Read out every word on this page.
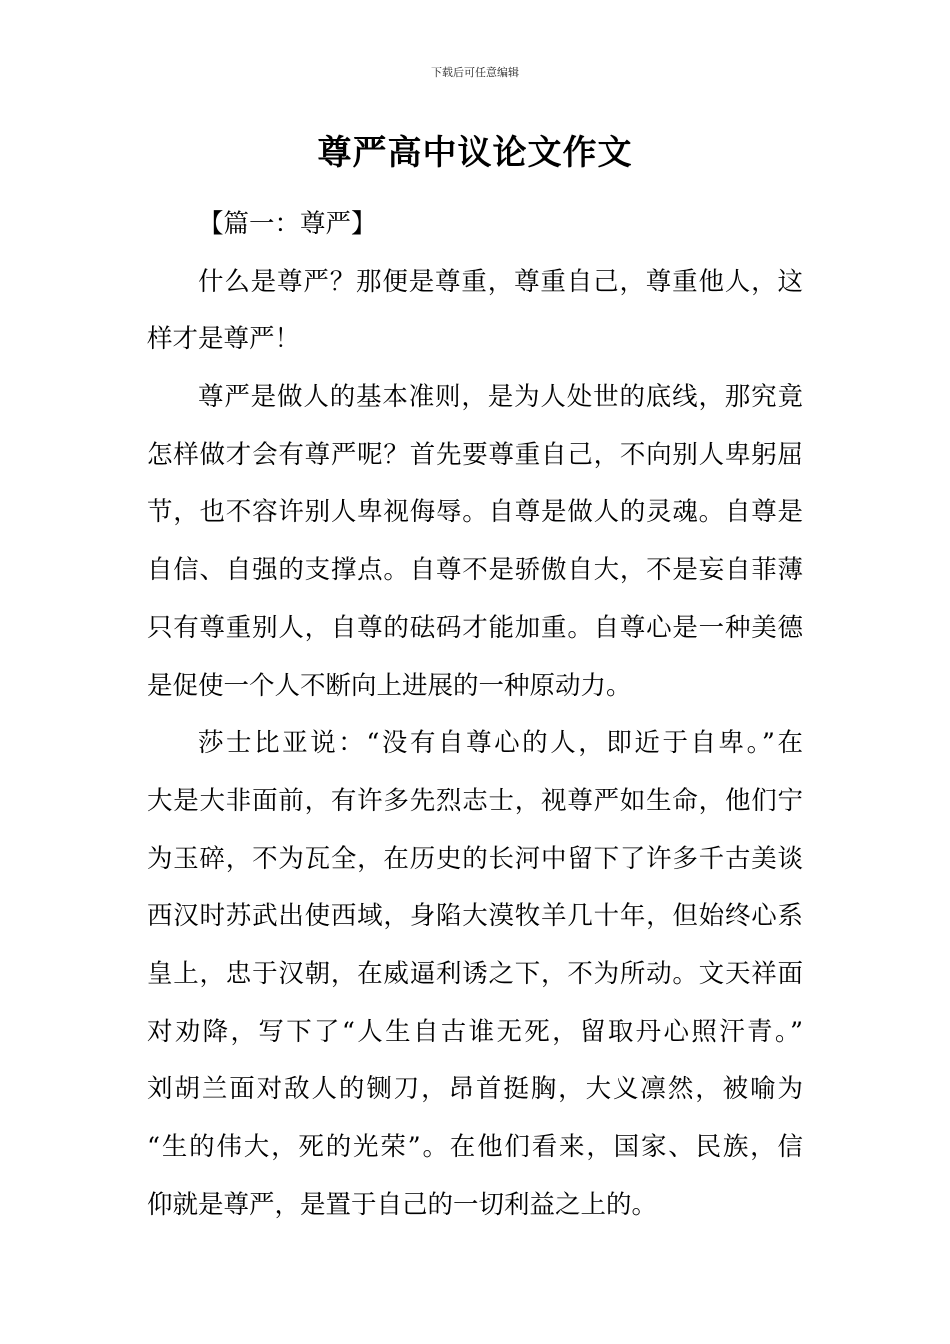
下载后可任意编辑
尊严高中议论文作文
【篇一：尊严】
什么是尊严？那便是尊重，尊重自己，尊重他人，这
样才是尊严！
尊严是做人的基本准则，是为人处世的底线，那究竟
怎样做才会有尊严呢？首先要尊重自己，不向别人卑躬屈
节，也不容许别人卑视侮辱。自尊是做人的灵魂。自尊是
自信、自强的支撑点。自尊不是骄傲自大，不是妄自菲薄
只有尊重别人，自尊的砝码才能加重。自尊心是一种美德
是促使一个人不断向上进展的一种原动力。
莎士比亚说：“没有自尊心的人，即近于自卑。”在
大是大非面前，有许多先烈志士，视尊严如生命，他们宁
为玉碎，不为瓦全，在历史的长河中留下了许多千古美谈
西汉时苏武出使西域，身陷大漠牧羊几十年，但始终心系
皇上，忠于汉朝，在威逼利诱之下，不为所动。文天祥面
对劝降，写下了“人生自古谁无死，留取丹心照汗青。”
刘胡兰面对敌人的铡刀，昂首挺胸，大义凛然，被喻为
“生的伟大，死的光荣”。在他们看来，国家、民族，信
仰就是尊严，是置于自己的一切利益之上的。
